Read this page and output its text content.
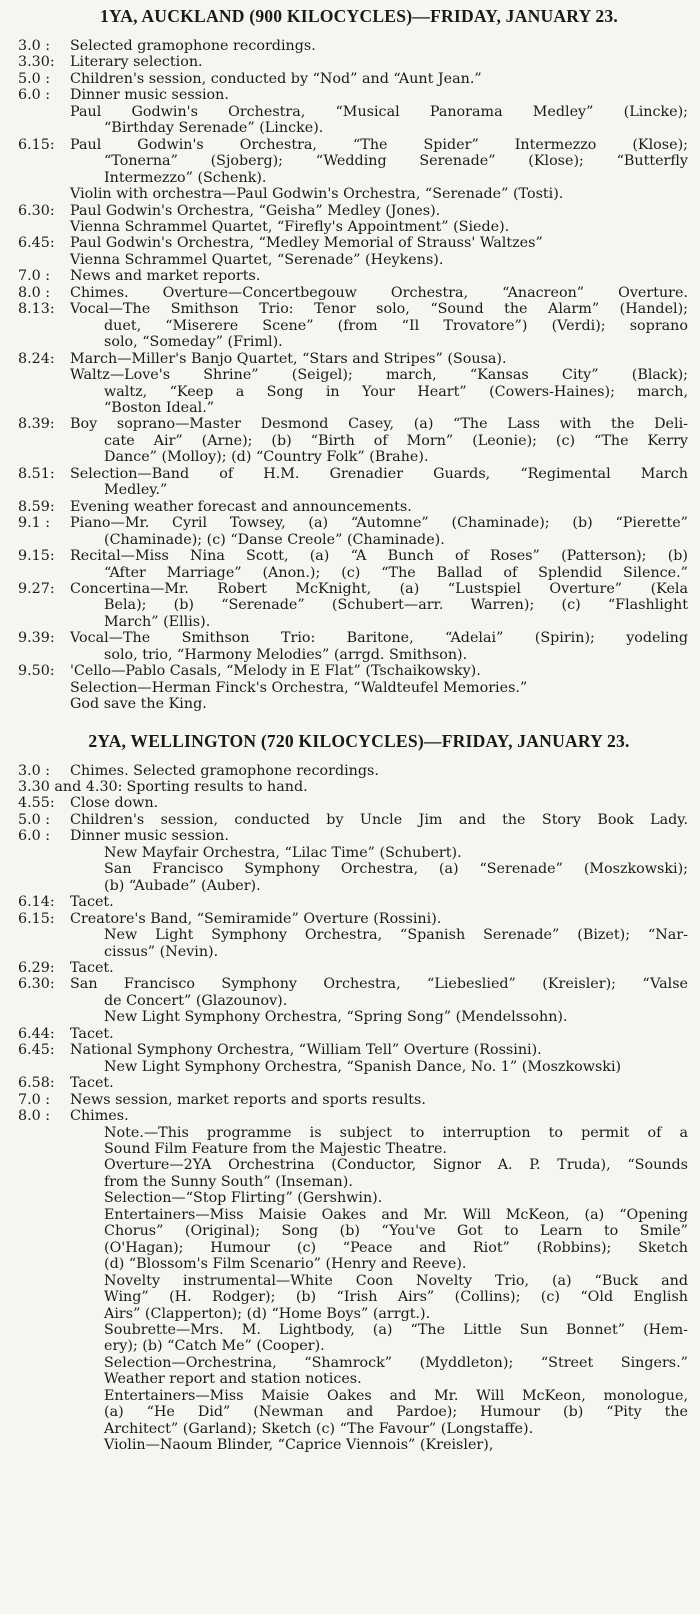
1YA, AUCKLAND (900 KILOCYCLES)—FRIDAY, JANUARY 23.
3.0 :	Selected gramophone recordings.
3.30:	Literary selection.
5.0 :	Children's session, conducted by “Nod” and “Aunt Jean.”
6.0 :	Dinner music session.

Paul Godwin's Orchestra, “Musical Panorama Medley” (Lincke);
“Birthday Serenade” (Lincke).
6.15:	Paul Godwin's Orchestra, “The Spider” Intermezzo (Klose);
“Tonerna” (Sjoberg); “Wedding Serenade” (Klose); “Butterfly
Intermezzo” (Schenk).

Violin with orchestra—Paul Godwin's Orchestra, “Serenade” (Tosti).
6.30:	Paul Godwin's Orchestra, “Geisha” Medley (Jones).

Vienna Schrammel Quartet, “Firefly's Appointment” (Siede).
6.45:	Paul Godwin's Orchestra, “Medley Memorial of Strauss' Waltzes”

Vienna Schrammel Quartet, “Serenade” (Heykens).
7.0 :	News and market reports.
8.0 :	Chimes. Overture—Concertbegouw Orchestra, “Anacreon” Overture.
8.13:	Vocal—The Smithson Trio: Tenor solo, “Sound the Alarm” (Handel);
duet, “Miserere Scene” (from “Il Trovatore”) (Verdi); soprano
solo, “Someday” (Friml).
8.24:	March—Miller's Banjo Quartet, “Stars and Stripes” (Sousa).

Waltz—Love's Shrine” (Seigel); march, “Kansas City” (Black);
waltz, “Keep a Song in Your Heart” (Cowers-Haines); march,
“Boston Ideal.”
8.39:	Boy soprano—Master Desmond Casey, (a) “The Lass with the Deli-
cate Air” (Arne); (b) “Birth of Morn” (Leonie); (c) “The Kerry
Dance” (Molloy); (d) “Country Folk” (Brahe).
8.51:	Selection—Band of H.M. Grenadier Guards, “Regimental March
Medley.”
8.59:	Evening weather forecast and announcements.
9.1 :	Piano—Mr. Cyril Towsey, (a) “Automne” (Chaminade); (b) “Pierette”
(Chaminade); (c) “Danse Creole” (Chaminade).
9.15:	Recital—Miss Nina Scott, (a) “A Bunch of Roses” (Patterson); (b)
“After Marriage” (Anon.); (c) “The Ballad of Splendid Silence.”
9.27:	Concertina—Mr. Robert McKnight, (a) “Lustspiel Overture” (Kela
Bela); (b) “Serenade” (Schubert—arr. Warren); (c) “Flashlight
March” (Ellis).
9.39:	Vocal—The Smithson Trio: Baritone, “Adelai” (Spirin); yodeling
solo, trio, “Harmony Melodies” (arrgd. Smithson).
9.50:	'Cello—Pablo Casals, “Melody in E Flat” (Tschaikowsky).

Selection—Herman Finck's Orchestra, “Waldteufel Memories.”
God save the King.
2YA, WELLINGTON (720 KILOCYCLES)—FRIDAY, JANUARY 23.
3.0 :	Chimes. Selected gramophone recordings.
3.30 and 4.30: Sporting results to hand.
4.55:	Close down.
5.0 :	Children's session, conducted by Uncle Jim and the Story Book Lady.
6.0 :	Dinner music session.

New Mayfair Orchestra, “Lilac Time” (Schubert).

San Francisco Symphony Orchestra, (a) “Serenade” (Moszkowski);
(b) “Aubade” (Auber).
6.14:	Tacet.
6.15:	Creatore's Band, “Semiramide” Overture (Rossini).

New Light Symphony Orchestra, “Spanish Serenade” (Bizet); “Nar-
cissus” (Nevin).
6.29:	Tacet.
6.30:	San Francisco Symphony Orchestra, “Liebeslied” (Kreisler); “Valse
de Concert” (Glazounov).

New Light Symphony Orchestra, “Spring Song” (Mendelssohn).
6.44:	Tacet.
6.45:	National Symphony Orchestra, “William Tell” Overture (Rossini).

New Light Symphony Orchestra, “Spanish Dance, No. 1” (Moszkowski)
6.58:	Tacet.
7.0 :	News session, market reports and sports results.
8.0 :	Chimes.

Note.—This programme is subject to interruption to permit of a
Sound Film Feature from the Majestic Theatre.

Overture—2YA Orchestrina (Conductor, Signor A. P. Truda), “Sounds
from the Sunny South” (Inseman).

Selection—“Stop Flirting” (Gershwin).

Entertainers—Miss Maisie Oakes and Mr. Will McKeon, (a) “Opening
Chorus” (Original); Song (b) “You've Got to Learn to Smile”
(O'Hagan); Humour (c) “Peace and Riot” (Robbins); Sketch
(d) “Blossom's Film Scenario” (Henry and Reeve).

Novelty instrumental—White Coon Novelty Trio, (a) “Buck and
Wing” (H. Rodger); (b) “Irish Airs” (Collins); (c) “Old English
Airs” (Clapperton); (d) “Home Boys” (arrgt.).

Soubrette—Mrs. M. Lightbody, (a) “The Little Sun Bonnet” (Hem-
ery); (b) “Catch Me” (Cooper).

Selection—Orchestrina, “Shamrock” (Myddleton); “Street Singers.”
Weather report and station notices.

Entertainers—Miss Maisie Oakes and Mr. Will McKeon, monologue,
(a) “He Did” (Newman and Pardoe); Humour (b) “Pity the
Architect” (Garland); Sketch (c) “The Favour” (Longstaffe).

Violin—Naoum Blinder, “Caprice Viennois” (Kreisler),
